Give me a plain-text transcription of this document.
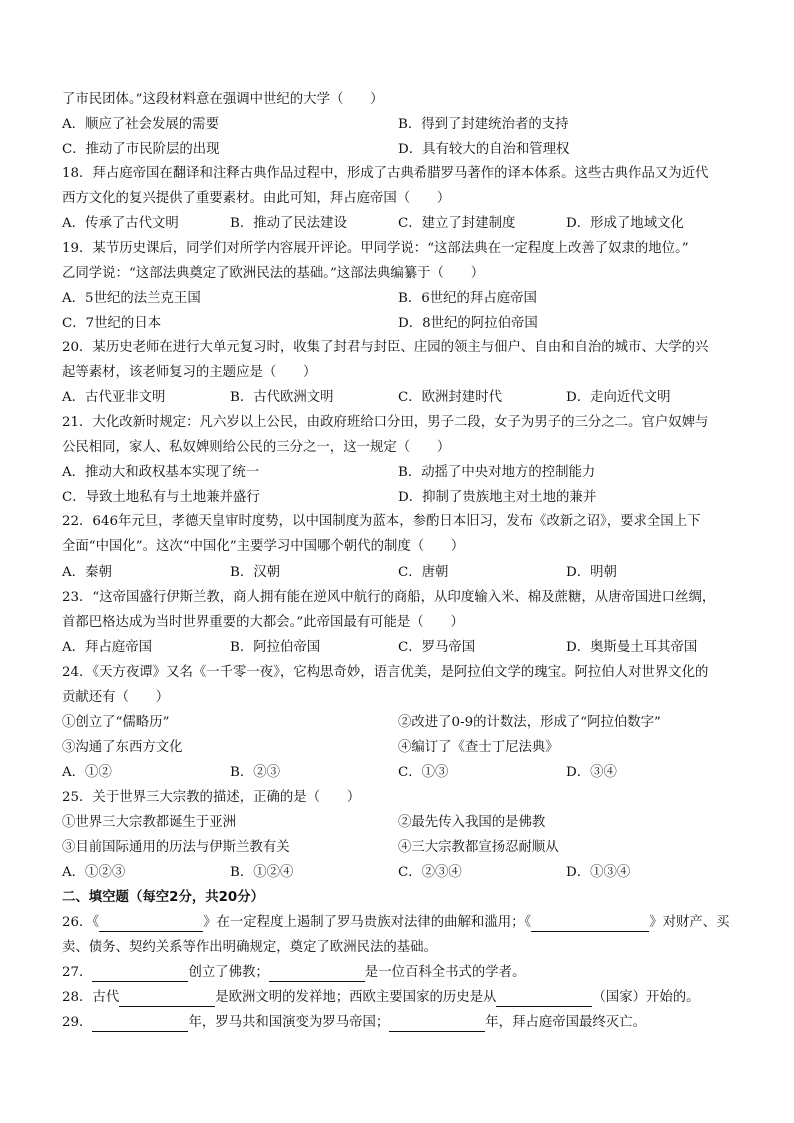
了市民团体。”这段材料意在强调中世纪的大学（　　）
A．顺应了社会发展的需要	B．得到了封建统治者的支持
C．推动了市民阶层的出现	D．具有较大的自治和管理权
18．拜占庭帝国在翻译和注释古典作品过程中，形成了古典希腊罗马著作的译本体系。这些古典作品又为近代
西方文化的复兴提供了重要素材。由此可知，拜占庭帝国（　　）
A．传承了古代文明	B．推动了民法建设	C．建立了封建制度	D．形成了地域文化
19．某节历史课后，同学们对所学内容展开评论。甲同学说：“这部法典在一定程度上改善了奴隶的地位。”
乙同学说：“这部法典奠定了欧洲民法的基础。”这部法典编纂于（　　）
A．5世纪的法兰克王国	B．6世纪的拜占庭帝国
C．7世纪的日本	D．8世纪的阿拉伯帝国
20．某历史老师在进行大单元复习时，收集了封君与封臣、庄园的领主与佃户、自由和自治的城市、大学的兴
起等素材，该老师复习的主题应是（　　）
A．古代亚非文明	B．古代欧洲文明	C．欧洲封建时代	D．走向近代文明
21．大化改新时规定：凡六岁以上公民，由政府班给口分田，男子二段，女子为男子的三分之二。官户奴婢与
公民相同，家人、私奴婢则给公民的三分之一，这一规定（　　）
A．推动大和政权基本实现了统一	B．动摇了中央对地方的控制能力
C．导致土地私有与土地兼并盛行	D．抑制了贵族地主对土地的兼并
22．646年元旦，孝德天皇审时度势，以中国制度为蓝本，参酌日本旧习，发布《改新之诏》，要求全国上下
全面“中国化”。这次“中国化”主要学习中国哪个朝代的制度（　　）
A．秦朝	B．汉朝	C．唐朝	D．明朝
23．“这帝国盛行伊斯兰教，商人拥有能在逆风中航行的商船，从印度输入米、棉及蔗糖，从唐帝国进口丝绸，
首都巴格达成为当时世界重要的大都会。”此帝国最有可能是（　　）
A．拜占庭帝国	B．阿拉伯帝国	C．罗马帝国	D．奥斯曼土耳其帝国
24．《天方夜谭》又名《一千零一夜》，它构思奇妙，语言优美，是阿拉伯文学的瑰宝。阿拉伯人对世界文化的
贡献还有（　　）
①创立了“儒略历”	②改进了0-9的计数法，形成了“阿拉伯数字”
③沟通了东西方文化	④编订了《查士丁尼法典》
A．①②	B．②③	C．①③	D．③④
25．关于世界三大宗教的描述，正确的是（　　）
①世界三大宗教都诞生于亚洲	②最先传入我国的是佛教
③目前国际通用的历法与伊斯兰教有关	④三大宗教都宣扬忍耐顺从
A．①②③	B．①②④	C．②③④	D．①③④
二、填空题（每空2分，共20分）
26．《	》在一定程度上遏制了罗马贵族对法律的曲解和滥用；《	》对财产、买
卖、债务、契约关系等作出明确规定，奠定了欧洲民法的基础。
27．	创立了佛教；	是一位百科全书式的学者。
28．古代	是欧洲文明的发祥地；西欧主要国家的历史是从	（国家）开始的。
29．	年，罗马共和国演变为罗马帝国；	年，拜占庭帝国最终灭亡。
